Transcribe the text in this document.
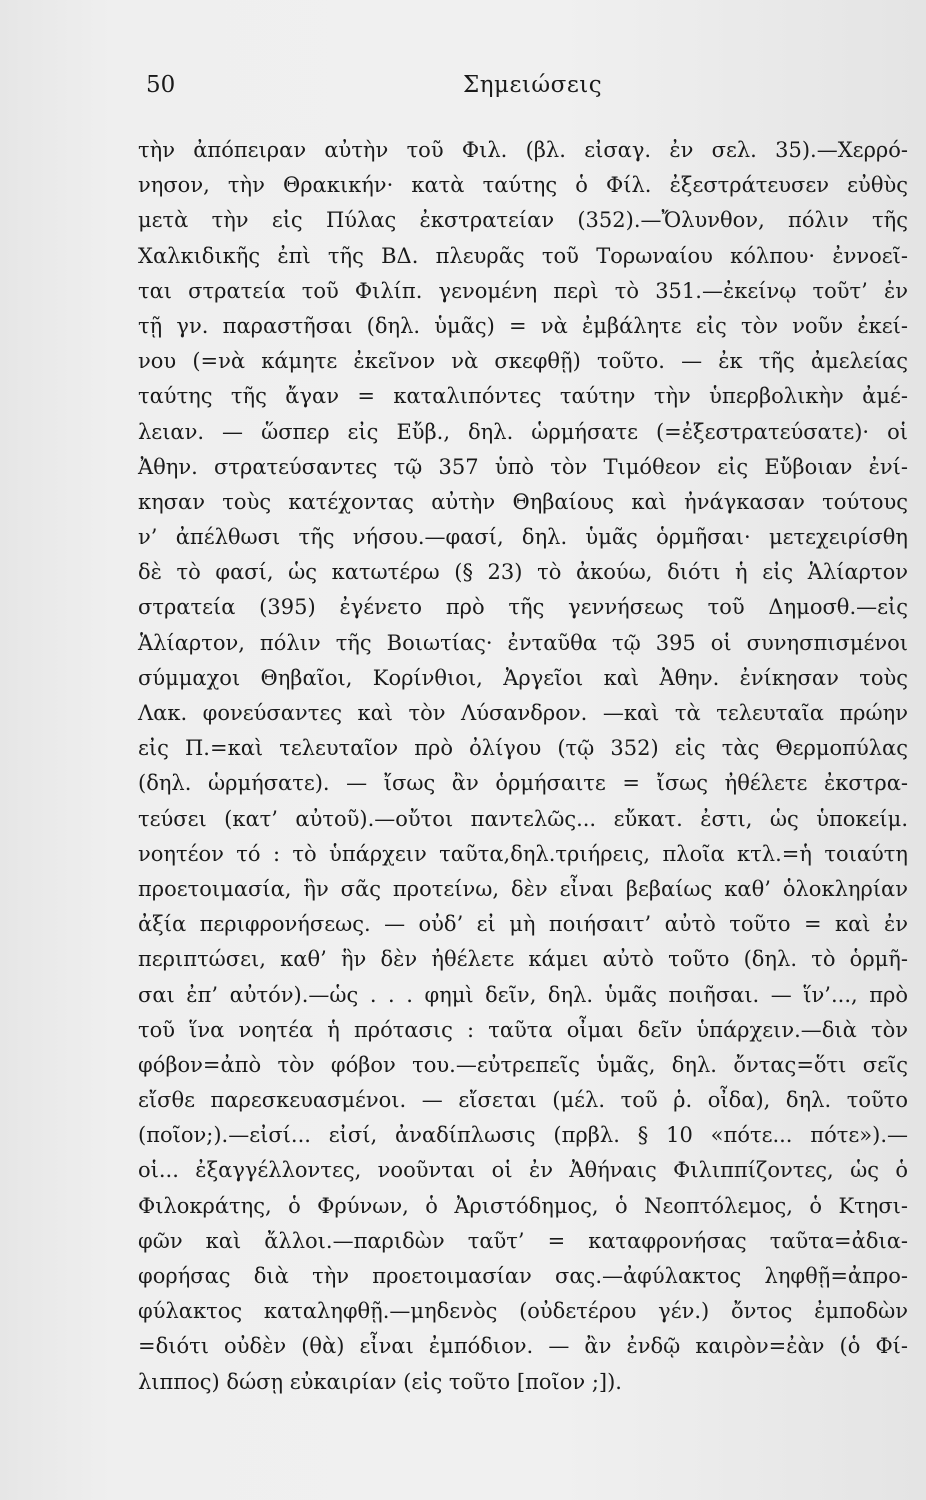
50	Σημειώσεις
τὴν ἀπόπειραν αὐτὴν τοῦ Φιλ. (βλ. εἰσαγ. ἐν σελ. 35).—Χερρό-
νησον, τὴν Θρακικήν· κατὰ ταύτης ὁ Φίλ. ἐξεστράτευσεν εὐθὺς
μετὰ τὴν εἰς Πύλας ἐκστρατείαν (352).—Ὄλυνθον, πόλιν τῆς
Χαλκιδικῆς ἐπὶ τῆς ΒΔ. πλευρᾶς τοῦ Τορωναίου κόλπου· ἐννοεῖ-
ται στρατεία τοῦ Φιλίπ. γενομένη περὶ τὸ 351.—ἐκείνῳ τοῦτ’ ἐν
τῇ γν. παραστῆσαι (δηλ. ὑμᾶς) = νὰ ἐμβάλητε εἰς τὸν νοῦν ἐκεί-
νου (=νὰ κάμητε ἐκεῖνον νὰ σκεφθῇ) τοῦτο. — ἐκ τῆς ἀμελείας
ταύτης τῆς ἄγαν = καταλιπόντες ταύτην τὴν ὑπερβολικὴν ἀμέ-
λειαν. — ὥσπερ εἰς Εὔβ., δηλ. ὡρμήσατε (=ἐξεστρατεύσατε)· οἱ
Ἀθην. στρατεύσαντες τῷ 357 ὑπὸ τὸν Τιμόθεον εἰς Εὔβοιαν ἐνί-
κησαν τοὺς κατέχοντας αὐτὴν Θηβαίους καὶ ἠνάγκασαν τούτους
ν’ ἀπέλθωσι τῆς νήσου.—φασί, δηλ. ὑμᾶς ὁρμῆσαι· μετεχειρίσθη
δὲ τὸ φασί, ὡς κατωτέρω (§ 23) τὸ ἀκούω, διότι ἡ εἰς Ἁλίαρτον
στρατεία (395) ἐγένετο πρὸ τῆς γεννήσεως τοῦ Δημοσθ.—εἰς
Ἁλίαρτον, πόλιν τῆς Βοιωτίας· ἐνταῦθα τῷ 395 οἱ συνησπισμένοι
σύμμαχοι Θηβαῖοι, Κορίνθιοι, Ἀργεῖοι καὶ Ἀθην. ἐνίκησαν τοὺς
Λακ. φονεύσαντες καὶ τὸν Λύσανδρον. —καὶ τὰ τελευταῖα πρώην
εἰς Π.=καὶ τελευταῖον πρὸ ὀλίγου (τῷ 352) εἰς τὰς Θερμοπύλας
(δηλ. ὡρμήσατε). — ἴσως ἂν ὁρμήσαιτε = ἴσως ἠθέλετε ἐκστρα-
τεύσει (κατ’ αὐτοῦ).—οὔτοι παντελῶς... εὔκατ. ἐστι, ὡς ὑποκείμ.
νοητέον τό : τὸ ὑπάρχειν ταῦτα,δηλ.τριήρεις, πλοῖα κτλ.=ἡ τοιαύτη
προετοιμασία, ἣν σᾶς προτείνω, δὲν εἶναι βεβαίως καθ’ ὁλοκληρίαν
ἀξία περιφρονήσεως. — οὐδ’ εἰ μὴ ποιήσαιτ’ αὐτὸ τοῦτο = καὶ ἐν
περιπτώσει, καθ’ ἣν δὲν ἠθέλετε κάμει αὐτὸ τοῦτο (δηλ. τὸ ὁρμῆ-
σαι ἐπ’ αὐτόν).—ὡς . . . φημὶ δεῖν, δηλ. ὑμᾶς ποιῆσαι. — ἵν’..., πρὸ
τοῦ ἵνα νοητέα ἡ πρότασις : ταῦτα οἶμαι δεῖν ὑπάρχειν.—διὰ τὸν
φόβον=ἀπὸ τὸν φόβον του.—εὐτρεπεῖς ὑμᾶς, δηλ. ὄντας=ὅτι σεῖς
εἴσθε παρεσκευασμένοι. — εἴσεται (μέλ. τοῦ ῥ. οἶδα), δηλ. τοῦτο
(ποῖον;).—εἰσί... εἰσί, ἀναδίπλωσις (πρβλ. § 10 «πότε... πότε»).—
οἱ... ἐξαγγέλλοντες, νοοῦνται οἱ ἐν Ἀθήναις Φιλιππίζοντες, ὡς ὁ
Φιλοκράτης, ὁ Φρύνων, ὁ Ἀριστόδημος, ὁ Νεοπτόλεμος, ὁ Κτησι-
φῶν καὶ ἄλλοι.—παριδὼν ταῦτ’ = καταφρονήσας ταῦτα=ἀδια-
φορήσας διὰ τὴν προετοιμασίαν σας.—ἀφύλακτος ληφθῇ=ἀπρο-
φύλακτος καταληφθῇ.—μηδενὸς (οὐδετέρου γέν.) ὄντος ἐμποδὼν
=διότι οὐδὲν (θὰ) εἶναι ἐμπόδιον. — ἂν ἐνδῷ καιρὸν=ἐὰν (ὁ Φί-
λιππος) δώσῃ εὐκαιρίαν (εἰς τοῦτο [ποῖον ;]).
